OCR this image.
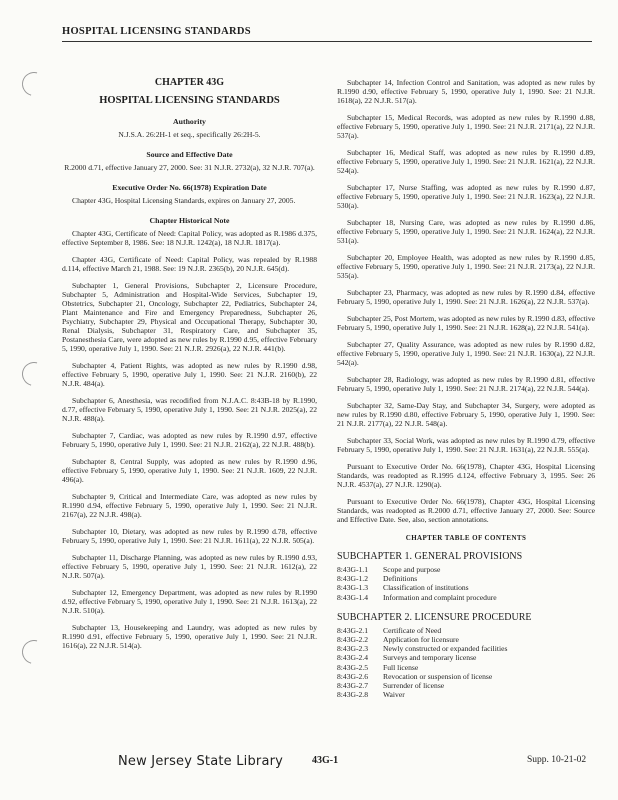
HOSPITAL LICENSING STANDARDS
CHAPTER 43G
HOSPITAL LICENSING STANDARDS
Authority
N.J.S.A. 26:2H-1 et seq., specifically 26:2H-5.
Source and Effective Date
R.2000 d.71, effective January 27, 2000. See: 31 N.J.R. 2732(a), 32 N.J.R. 707(a).
Executive Order No. 66(1978) Expiration Date
Chapter 43G, Hospital Licensing Standards, expires on January 27, 2005.
Chapter Historical Note
Chapter 43G, Certificate of Need: Capital Policy, was adopted as R.1986 d.375, effective September 8, 1986. See: 18 N.J.R. 1242(a), 18 N.J.R. 1817(a).
Chapter 43G, Certificate of Need: Capital Policy, was repealed by R.1988 d.114, effective March 21, 1988. See: 19 N.J.R. 2365(b), 20 N.J.R. 645(d).
Subchapter 1, General Provisions, Subchapter 2, Licensure Procedure, Subchapter 5, Administration and Hospital-Wide Services, Subchapter 19, Obstetrics, Subchapter 21, Oncology, Subchapter 22, Pediatrics, Subchapter 24, Plant Maintenance and Fire and Emergency Preparedness, Subchapter 26, Psychiatry, Subchapter 29, Physical and Occupational Therapy, Subchapter 30, Renal Dialysis, Subchapter 31, Respiratory Care, and Subchapter 35, Postanesthesia Care, were adopted as new rules by R.1990 d.95, effective February 5, 1990, operative July 1, 1990. See: 21 N.J.R. 2926(a), 22 N.J.R. 441(b).
Subchapter 4, Patient Rights, was adopted as new rules by R.1990 d.98, effective February 5, 1990, operative July 1, 1990. See: 21 N.J.R. 2160(b), 22 N.J.R. 484(a).
Subchapter 6, Anesthesia, was recodified from N.J.A.C. 8:43B-18 by R.1990, d.77, effective February 5, 1990, operative July 1, 1990. See: 21 N.J.R. 2025(a), 22 N.J.R. 488(a).
Subchapter 7, Cardiac, was adopted as new rules by R.1990 d.97, effective February 5, 1990, operative July 1, 1990. See: 21 N.J.R. 2162(a), 22 N.J.R. 488(b).
Subchapter 8, Central Supply, was adopted as new rules by R.1990 d.96, effective February 5, 1990, operative July 1, 1990. See: 21 N.J.R. 1609, 22 N.J.R. 496(a).
Subchapter 9, Critical and Intermediate Care, was adopted as new rules by R.1990 d.94, effective February 5, 1990, operative July 1, 1990. See: 21 N.J.R. 2167(a), 22 N.J.R. 498(a).
Subchapter 10, Dietary, was adopted as new rules by R.1990 d.78, effective February 5, 1990, operative July 1, 1990. See: 21 N.J.R. 1611(a), 22 N.J.R. 505(a).
Subchapter 11, Discharge Planning, was adopted as new rules by R.1990 d.93, effective February 5, 1990, operative July 1, 1990. See: 21 N.J.R. 1612(a), 22 N.J.R. 507(a).
Subchapter 12, Emergency Department, was adopted as new rules by R.1990 d.92, effective February 5, 1990, operative July 1, 1990. See: 21 N.J.R. 1613(a), 22 N.J.R. 510(a).
Subchapter 13, Housekeeping and Laundry, was adopted as new rules by R.1990 d.91, effective February 5, 1990, operative July 1, 1990. See: 21 N.J.R. 1616(a), 22 N.J.R. 514(a).
Subchapter 14, Infection Control and Sanitation, was adopted as new rules by R.1990 d.90, effective February 5, 1990, operative July 1, 1990. See: 21 N.J.R. 1618(a), 22 N.J.R. 517(a).
Subchapter 15, Medical Records, was adopted as new rules by R.1990 d.88, effective February 5, 1990, operative July 1, 1990. See: 21 N.J.R. 2171(a), 22 N.J.R. 537(a).
Subchapter 16, Medical Staff, was adopted as new rules by R.1990 d.89, effective February 5, 1990, operative July 1, 1990. See: 21 N.J.R. 1621(a), 22 N.J.R. 524(a).
Subchapter 17, Nurse Staffing, was adopted as new rules by R.1990 d.87, effective February 5, 1990, operative July 1, 1990. See: 21 N.J.R. 1623(a), 22 N.J.R. 530(a).
Subchapter 18, Nursing Care, was adopted as new rules by R.1990 d.86, effective February 5, 1990, operative July 1, 1990. See: 21 N.J.R. 1624(a), 22 N.J.R. 531(a).
Subchapter 20, Employee Health, was adopted as new rules by R.1990 d.85, effective February 5, 1990, operative July 1, 1990. See: 21 N.J.R. 2173(a), 22 N.J.R. 535(a).
Subchapter 23, Pharmacy, was adopted as new rules by R.1990 d.84, effective February 5, 1990, operative July 1, 1990. See: 21 N.J.R. 1626(a), 22 N.J.R. 537(a).
Subchapter 25, Post Mortem, was adopted as new rules by R.1990 d.83, effective February 5, 1990, operative July 1, 1990. See: 21 N.J.R. 1628(a), 22 N.J.R. 541(a).
Subchapter 27, Quality Assurance, was adopted as new rules by R.1990 d.82, effective February 5, 1990, operative July 1, 1990. See: 21 N.J.R. 1630(a), 22 N.J.R. 542(a).
Subchapter 28, Radiology, was adopted as new rules by R.1990 d.81, effective February 5, 1990, operative July 1, 1990. See: 21 N.J.R. 2174(a), 22 N.J.R. 544(a).
Subchapter 32, Same-Day Stay, and Subchapter 34, Surgery, were adopted as new rules by R.1990 d.80, effective February 5, 1990, operative July 1, 1990. See: 21 N.J.R. 2177(a), 22 N.J.R. 548(a).
Subchapter 33, Social Work, was adopted as new rules by R.1990 d.79, effective February 5, 1990, operative July 1, 1990. See: 21 N.J.R. 1631(a), 22 N.J.R. 555(a).
Pursuant to Executive Order No. 66(1978), Chapter 43G, Hospital Licensing Standards, was readopted as R.1995 d.124, effective February 3, 1995. See: 26 N.J.R. 4537(a), 27 N.J.R. 1290(a).
Pursuant to Executive Order No. 66(1978), Chapter 43G, Hospital Licensing Standards, was readopted as R.2000 d.71, effective January 27, 2000. See: Source and Effective Date. See, also, section annotations.
CHAPTER TABLE OF CONTENTS
SUBCHAPTER 1. GENERAL PROVISIONS
8:43G-1.1	Scope and purpose
8:43G-1.2	Definitions
8:43G-1.3	Classification of institutions
8:43G-1.4	Information and complaint procedure
SUBCHAPTER 2. LICENSURE PROCEDURE
8:43G-2.1	Certificate of Need
8:43G-2.2	Application for licensure
8:43G-2.3	Newly constructed or expanded facilities
8:43G-2.4	Surveys and temporary license
8:43G-2.5	Full license
8:43G-2.6	Revocation or suspension of license
8:43G-2.7	Surrender of license
8:43G-2.8	Waiver
New Jersey State Library	43G-1	Supp. 10-21-02
